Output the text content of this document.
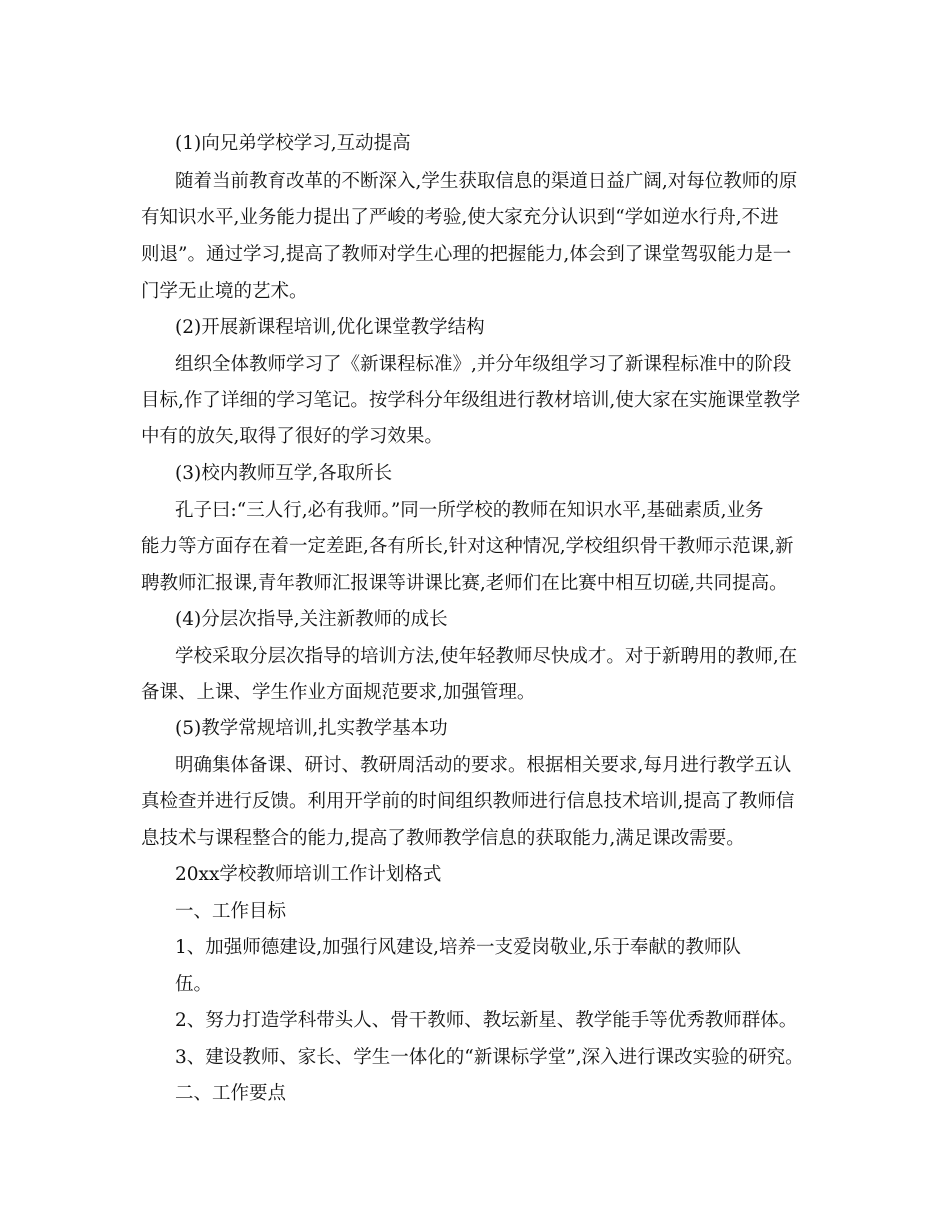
(1)向兄弟学校学习,互动提高
随着当前教育改革的不断深入,学生获取信息的渠道日益广阔,对每位教师的原
有知识水平,业务能力提出了严峻的考验,使大家充分认识到“学如逆水行舟,不进
则退”。通过学习,提高了教师对学生心理的把握能力,体会到了课堂驾驭能力是一
门学无止境的艺术。
(2)开展新课程培训,优化课堂教学结构
组织全体教师学习了《新课程标准》,并分年级组学习了新课程标准中的阶段
目标,作了详细的学习笔记。按学科分年级组进行教材培训,使大家在实施课堂教学
中有的放矢,取得了很好的学习效果。
(3)校内教师互学,各取所长
孔子曰:“三人行,必有我师。”同一所学校的教师在知识水平,基础素质,业务
能力等方面存在着一定差距,各有所长,针对这种情况,学校组织骨干教师示范课,新
聘教师汇报课,青年教师汇报课等讲课比赛,老师们在比赛中相互切磋,共同提高。
(4)分层次指导,关注新教师的成长
学校采取分层次指导的培训方法,使年轻教师尽快成才。对于新聘用的教师,在
备课、上课、学生作业方面规范要求,加强管理。
(5)教学常规培训,扎实教学基本功
明确集体备课、研讨、教研周活动的要求。根据相关要求,每月进行教学五认
真检查并进行反馈。利用开学前的时间组织教师进行信息技术培训,提高了教师信
息技术与课程整合的能力,提高了教师教学信息的获取能力,满足课改需要。
20xx学校教师培训工作计划格式
一、工作目标
1、加强师德建设,加强行风建设,培养一支爱岗敬业,乐于奉献的教师队
伍。
2、努力打造学科带头人、骨干教师、教坛新星、教学能手等优秀教师群体。
3、建设教师、家长、学生一体化的“新课标学堂”,深入进行课改实验的研究。
二、工作要点
